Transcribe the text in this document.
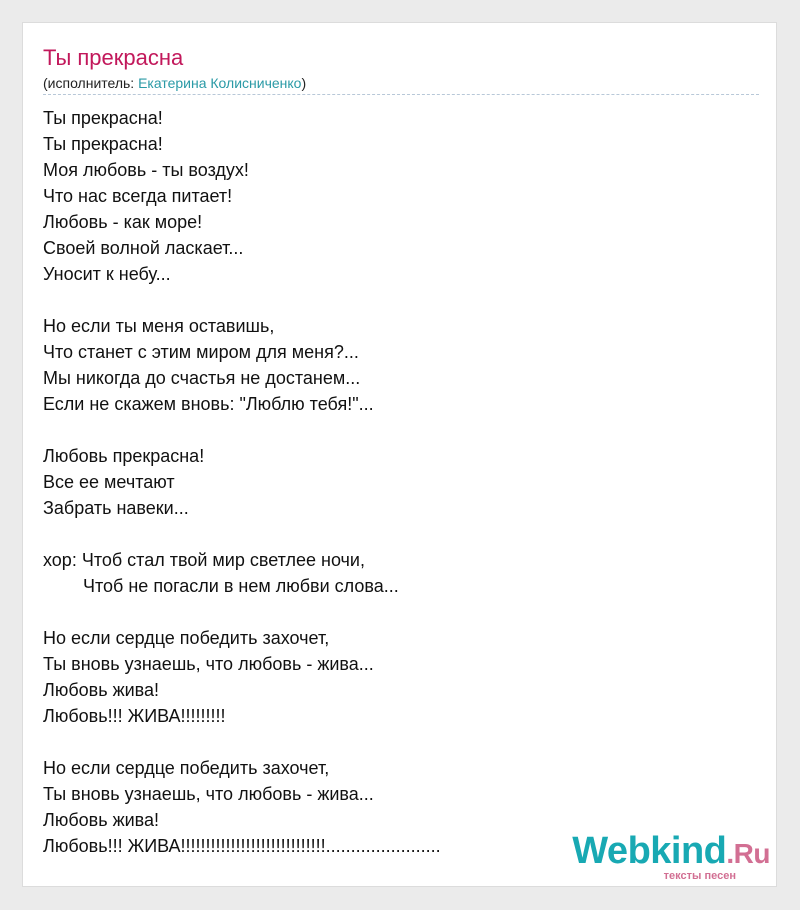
Ты прекрасна
(исполнитель: Екатерина Колисниченко)
Ты прекрасна!
Ты прекрасна!
Моя любовь - ты воздух!
Что нас всегда питает!
Любовь - как море!
Своей волной ласкает...
Уносит к небу...
Но если ты меня оставишь,
Что станет с этим миром для меня?...
Мы никогда до счастья не достанем...
Если не скажем вновь: "Люблю тебя!"...
Любовь прекрасна!
Все ее мечтают
Забрать навеки...
хор: Чтоб стал твой мир светлее ночи,
Чтоб не погасли в нем любви слова...
Но если сердце победить захочет,
Ты вновь узнаешь, что любовь - жива...
Любовь жива!
Любовь!!! ЖИВА!!!!!!!!!
Но если сердце победить захочет,
Ты вновь узнаешь, что любовь - жива...
Любовь жива!
Любовь!!! ЖИВА!!!!!!!!!!!!!!!!!!!!!!!!!!!!!.......................	Webkind.Ru
тексты песен
